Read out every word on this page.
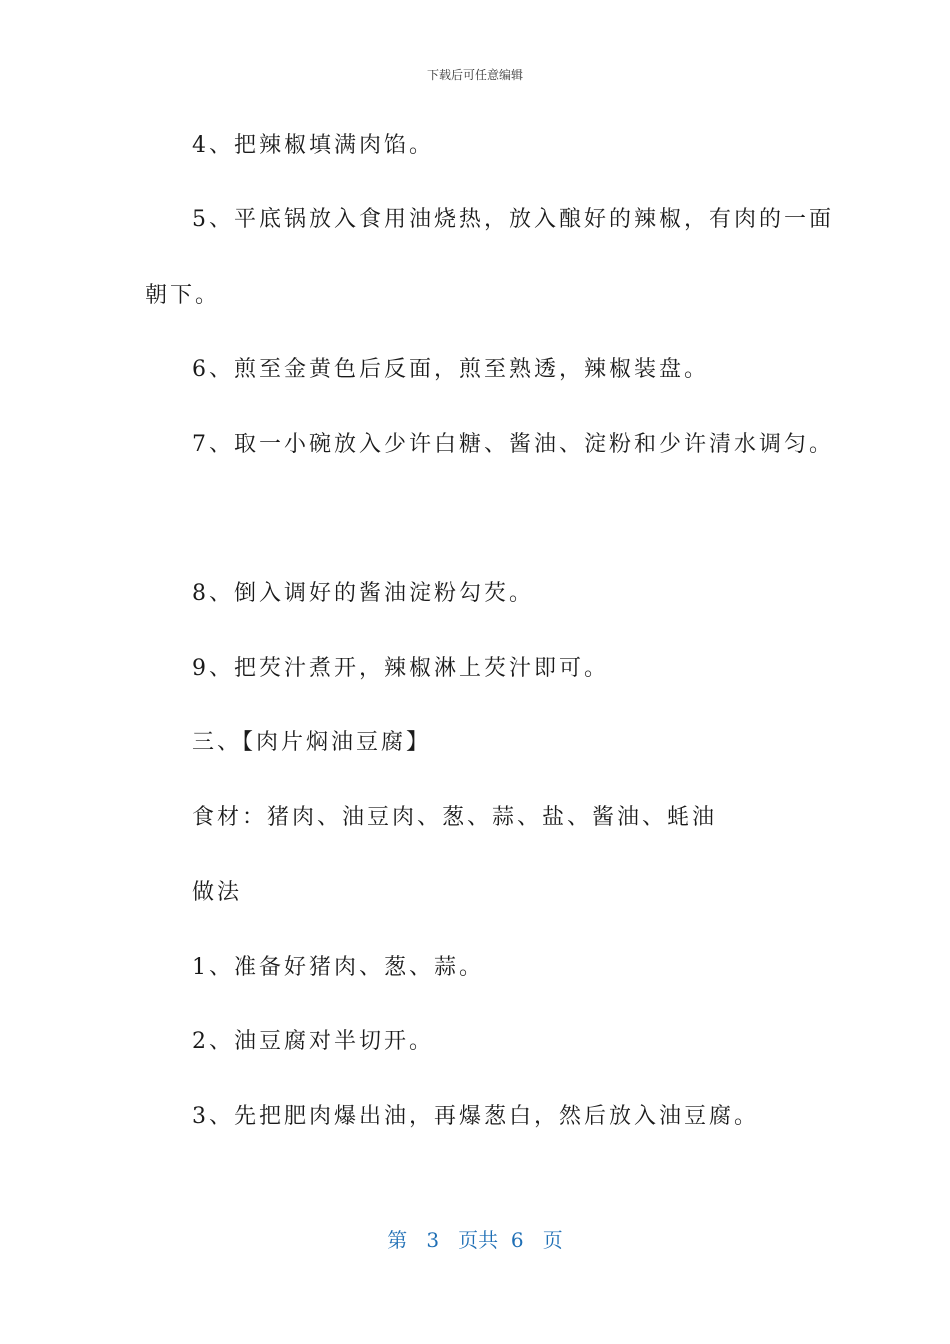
下载后可任意编辑
4、把辣椒填满肉馅。
5、平底锅放入食用油烧热，放入酿好的辣椒，有肉的一面
朝下。
6、煎至金黄色后反面，煎至熟透，辣椒装盘。
7、取一小碗放入少许白糖、酱油、淀粉和少许清水调匀。
8、倒入调好的酱油淀粉勾芡。
9、把芡汁煮开，辣椒淋上芡汁即可。
三、【肉片焖油豆腐】
食材：猪肉、油豆肉、葱、蒜、盐、酱油、蚝油
做法
1、准备好猪肉、葱、蒜。
2、油豆腐对半切开。
3、先把肥肉爆出油，再爆葱白，然后放入油豆腐。
第 3 页共 6 页
